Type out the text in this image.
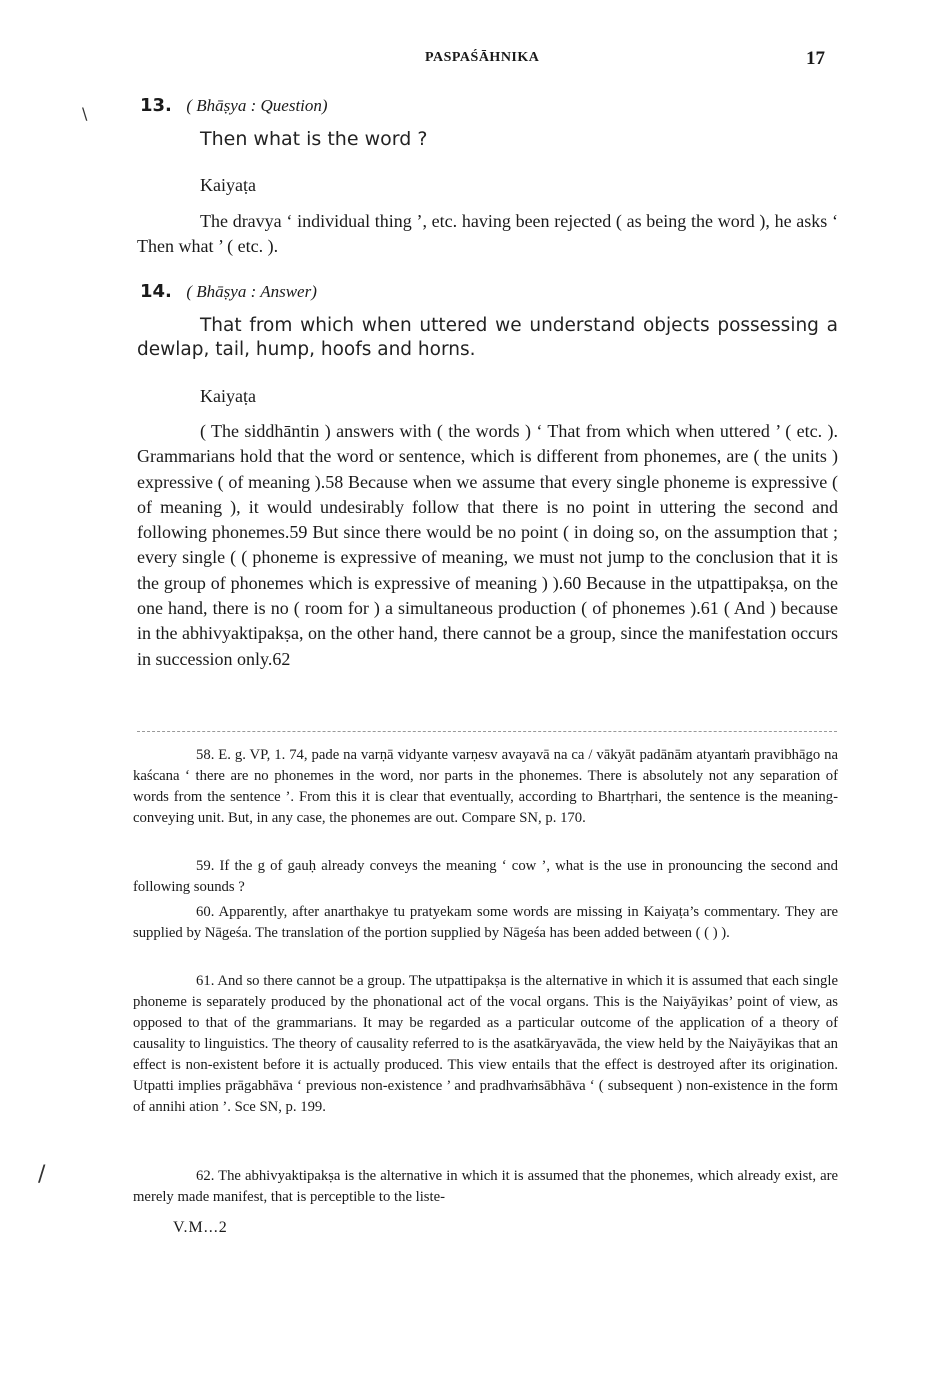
PASPAŚĀHNIKA	17
\
/
13. ( Bhāṣya : Question)
Then what is the word ?
Kaiyaṭa
The dravya ‘ individual thing ’, etc. having been rejected ( as being the word ), he asks ‘ Then what ’ ( etc. ).
14. ( Bhāṣya : Answer)
That from which when uttered we understand objects possessing a dewlap, tail, hump, hoofs and horns.
Kaiyaṭa
( The siddhāntin ) answers with ( the words ) ‘ That from which when uttered ’ ( etc. ). Grammarians hold that the word or sentence, which is different from phonemes, are ( the units ) expressive ( of meaning ).58 Because when we assume that every single phoneme is expressive ( of meaning ), it would undesirably follow that there is no point in uttering the second and following phonemes.59 But since there would be no point ( in doing so, on the assumption that ; every single ( ( phoneme is expressive of meaning, we must not jump to the conclusion that it is the group of phonemes which is expressive of meaning ) ).60 Because in the utpattipakṣa, on the one hand, there is no ( room for ) a simultaneous production ( of phonemes ).61 ( And ) because in the abhivyaktipakṣa, on the other hand, there cannot be a group, since the manifestation occurs in succession only.62
58. E. g. VP, 1. 74, pade na varṇā vidyante varṇesv avayavā na ca / vākyāt padānām atyantaṁ pravibhāgo na kaścana ‘ there are no phonemes in the word, nor parts in the phonemes. There is absolutely not any separation of words from the sentence ’. From this it is clear that eventually, according to Bhartṛhari, the sentence is the meaning-conveying unit. But, in any case, the phonemes are out. Compare SN, p. 170.
59. If the g of gauḥ already conveys the meaning ‘ cow ’, what is the use in pronouncing the second and following sounds ?
60. Apparently, after anarthakye tu pratyekam some words are missing in Kaiyaṭa’s commentary. They are supplied by Nāgeśa. The translation of the portion supplied by Nāgeśa has been added between ( ( ) ).
61. And so there cannot be a group. The utpattipakṣa is the alternative in which it is assumed that each single phoneme is separately produced by the phonational act of the vocal organs. This is the Naiyāyikas’ point of view, as opposed to that of the grammarians. It may be regarded as a particular outcome of the application of a theory of causality to linguistics. The theory of causality referred to is the asatkāryavāda, the view held by the Naiyāyikas that an effect is non-existent before it is actually produced. This view entails that the effect is destroyed after its origination. Utpatti implies prāgabhāva ‘ previous non-existence ’ and pradhvaṁsābhāva ‘ ( subsequent ) non-existence in the form of annihi ation ’. Sce SN, p. 199.
62. The abhivyaktipakṣa is the alternative in which it is assumed that the phonemes, which already exist, are merely made manifest, that is perceptible to the liste-
V.M...2
